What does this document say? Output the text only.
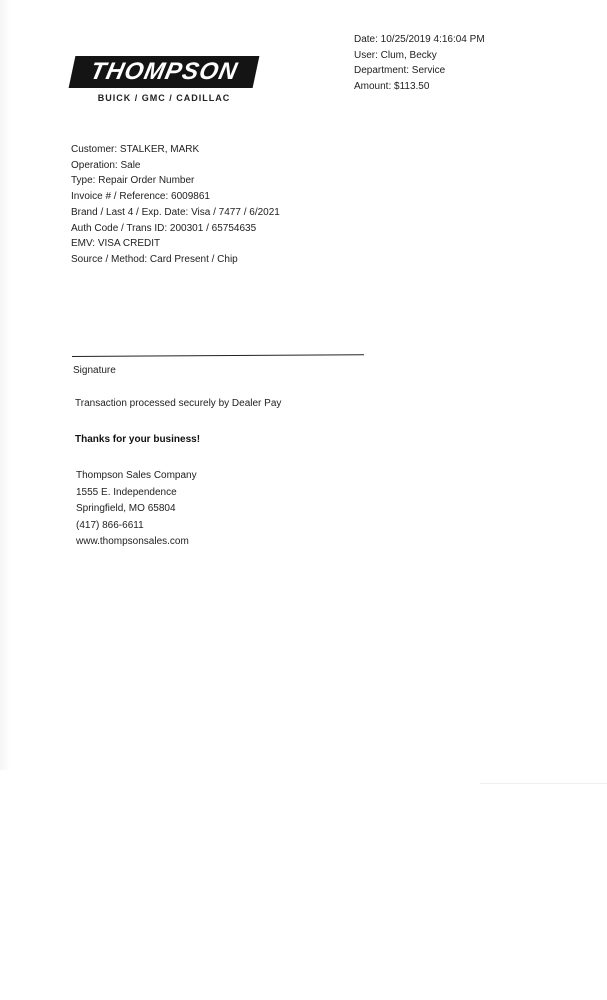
THOMPSON
BUICK / GMC / CADILLAC
Date: 10/25/2019 4:16:04 PM
User: Clum, Becky
Department: Service
Amount: $113.50
Customer: STALKER, MARK
Operation: Sale
Type: Repair Order Number
Invoice # / Reference: 6009861
Brand / Last 4 / Exp. Date: Visa / 7477 / 6/2021
Auth Code / Trans ID: 200301 / 65754635
EMV: VISA CREDIT
Source / Method: Card Present / Chip
Signature
Transaction processed securely by Dealer Pay
Thanks for your business!
Thompson Sales Company
1555 E. Independence
Springfield, MO 65804
(417) 866-6611
www.thompsonsales.com
